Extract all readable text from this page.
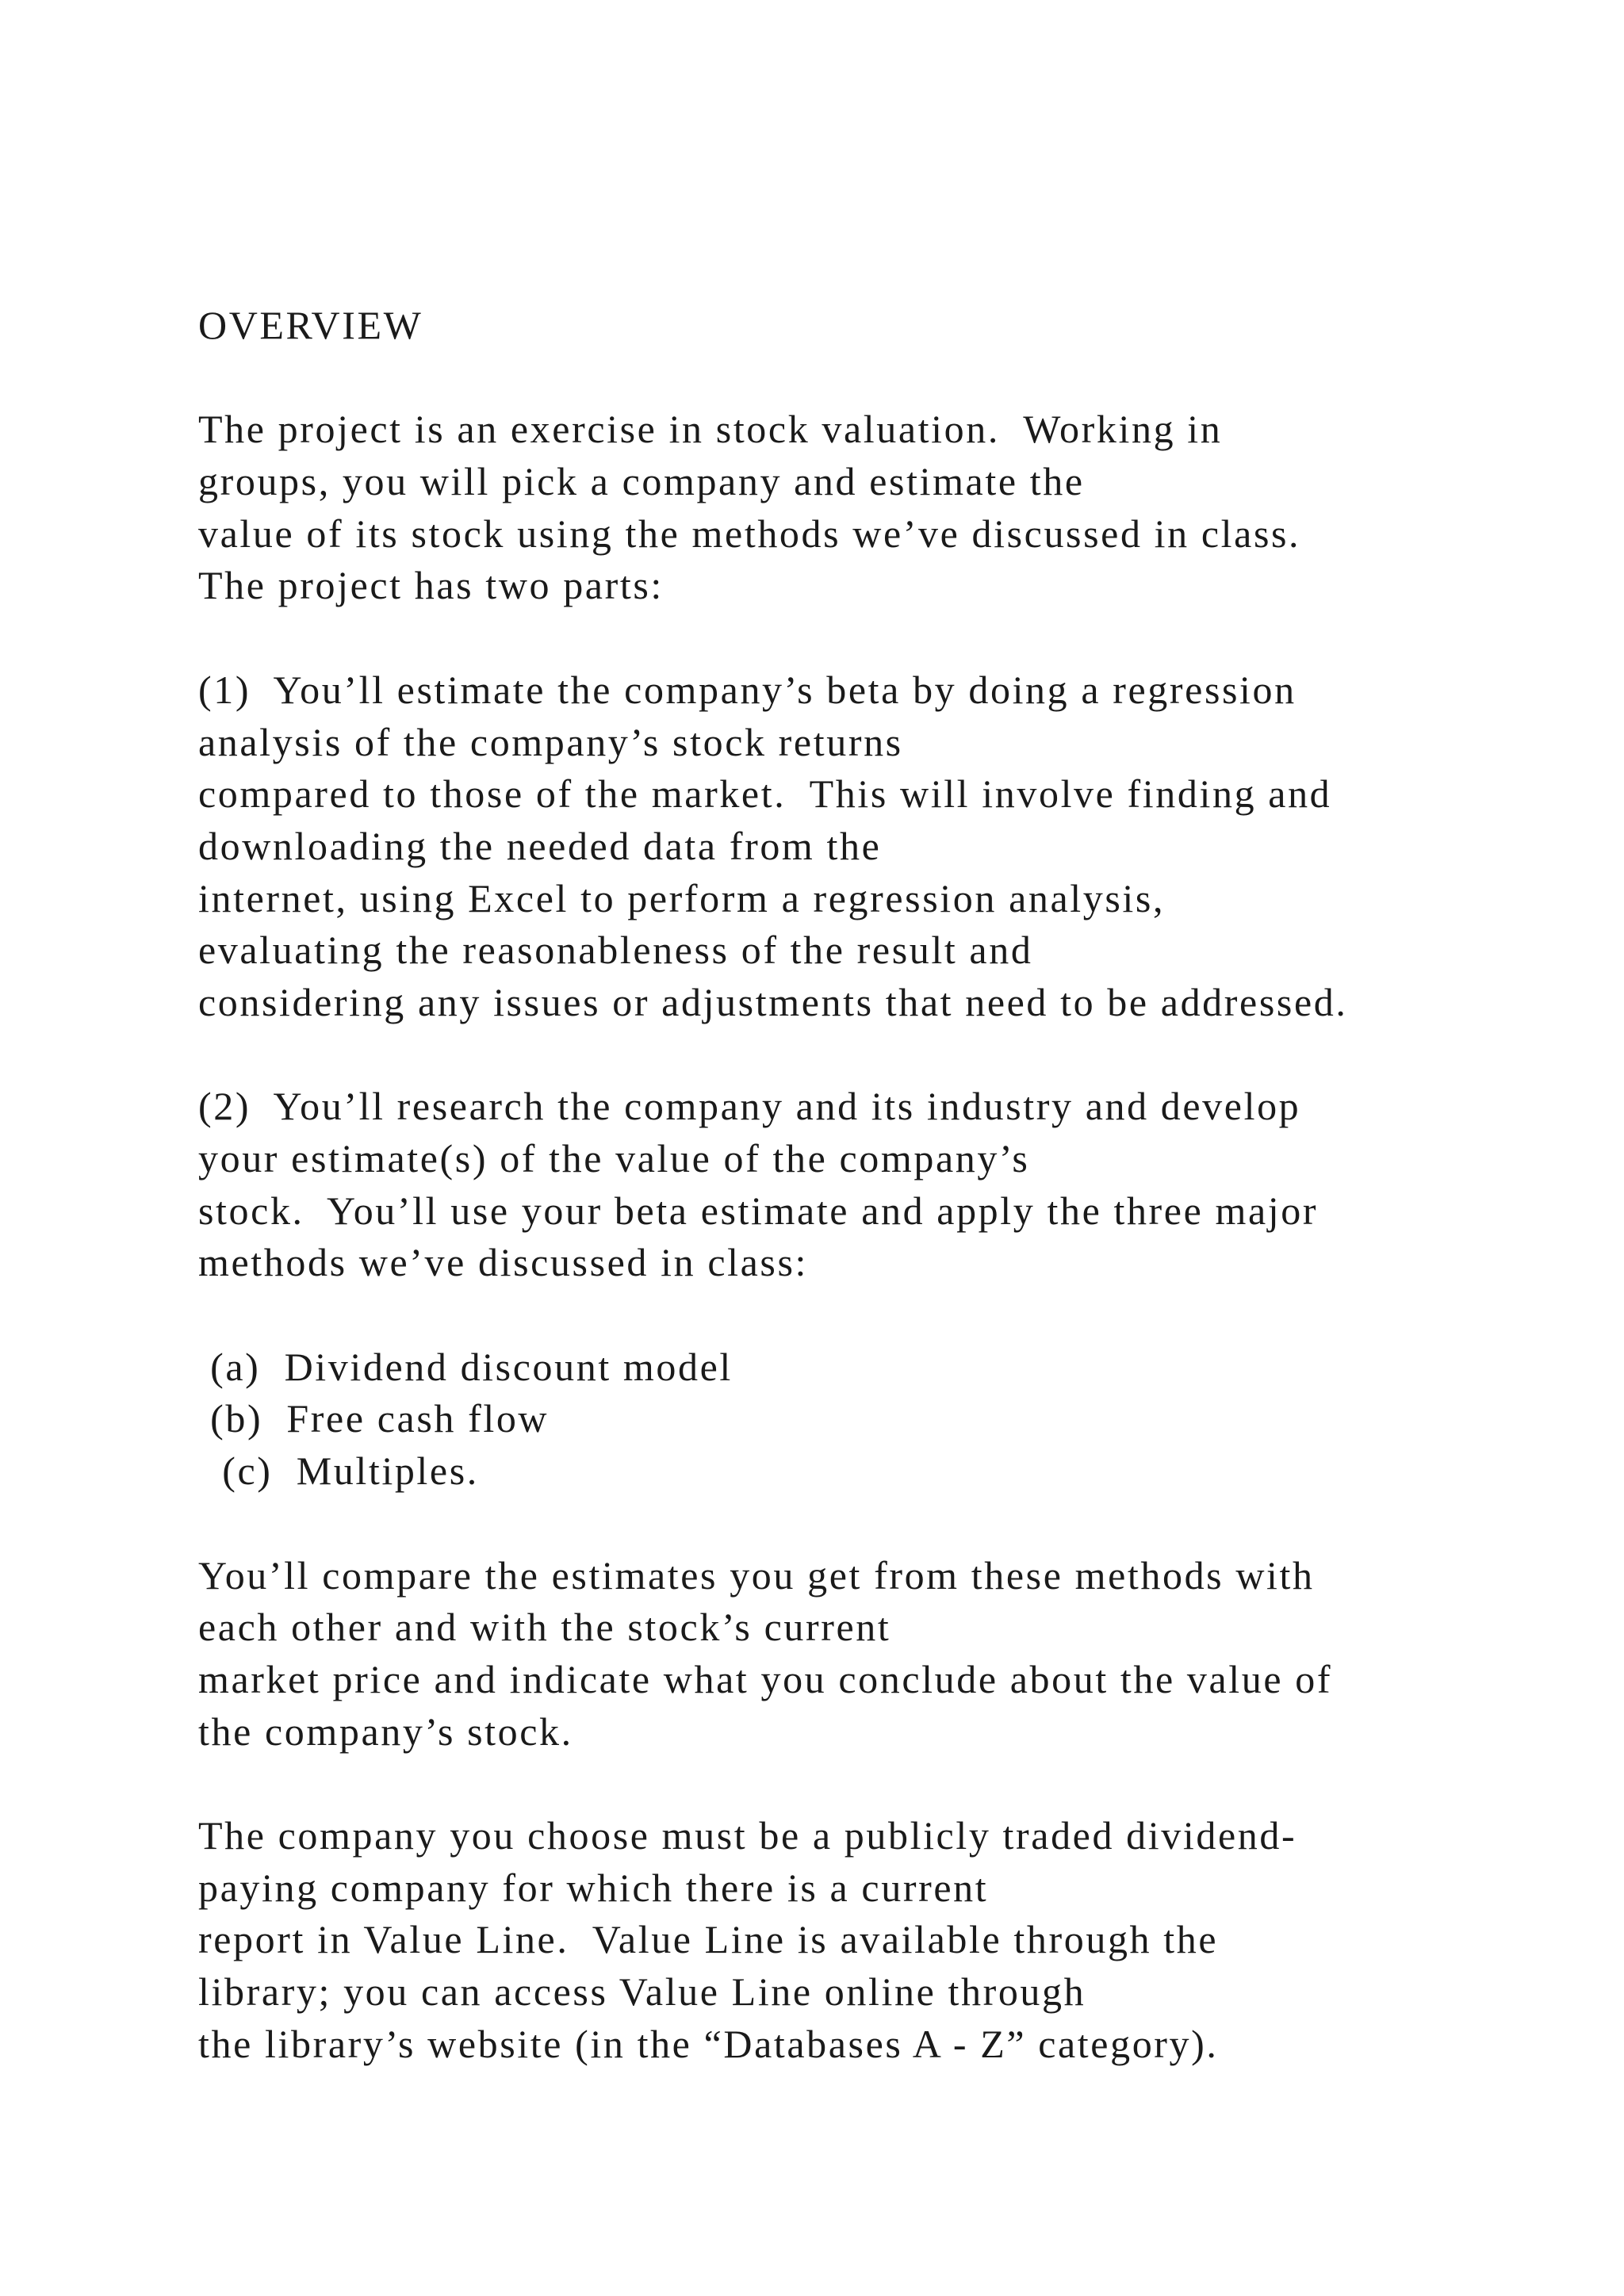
OVERVIEW
The project is an exercise in stock valuation.  Working in
groups, you will pick a company and estimate the
value of its stock using the methods we’ve discussed in class.
The project has two parts:
(1)  You’ll estimate the company’s beta by doing a regression
analysis of the company’s stock returns
compared to those of the market.  This will involve finding and
downloading the needed data from the
internet, using Excel to perform a regression analysis,
evaluating the reasonableness of the result and
considering any issues or adjustments that need to be addressed.
(2)  You’ll research the company and its industry and develop
your estimate(s) of the value of the company’s
stock.  You’ll use your beta estimate and apply the three major
methods we’ve discussed in class:
(a)  Dividend discount model
(b)  Free cash flow
(c)  Multiples.
You’ll compare the estimates you get from these methods with
each other and with the stock’s current
market price and indicate what you conclude about the value of
the company’s stock.
The company you choose must be a publicly traded dividend-
paying company for which there is a current
report in Value Line.  Value Line is available through the
library; you can access Value Line online through
the library’s website (in the “Databases A - Z” category).
